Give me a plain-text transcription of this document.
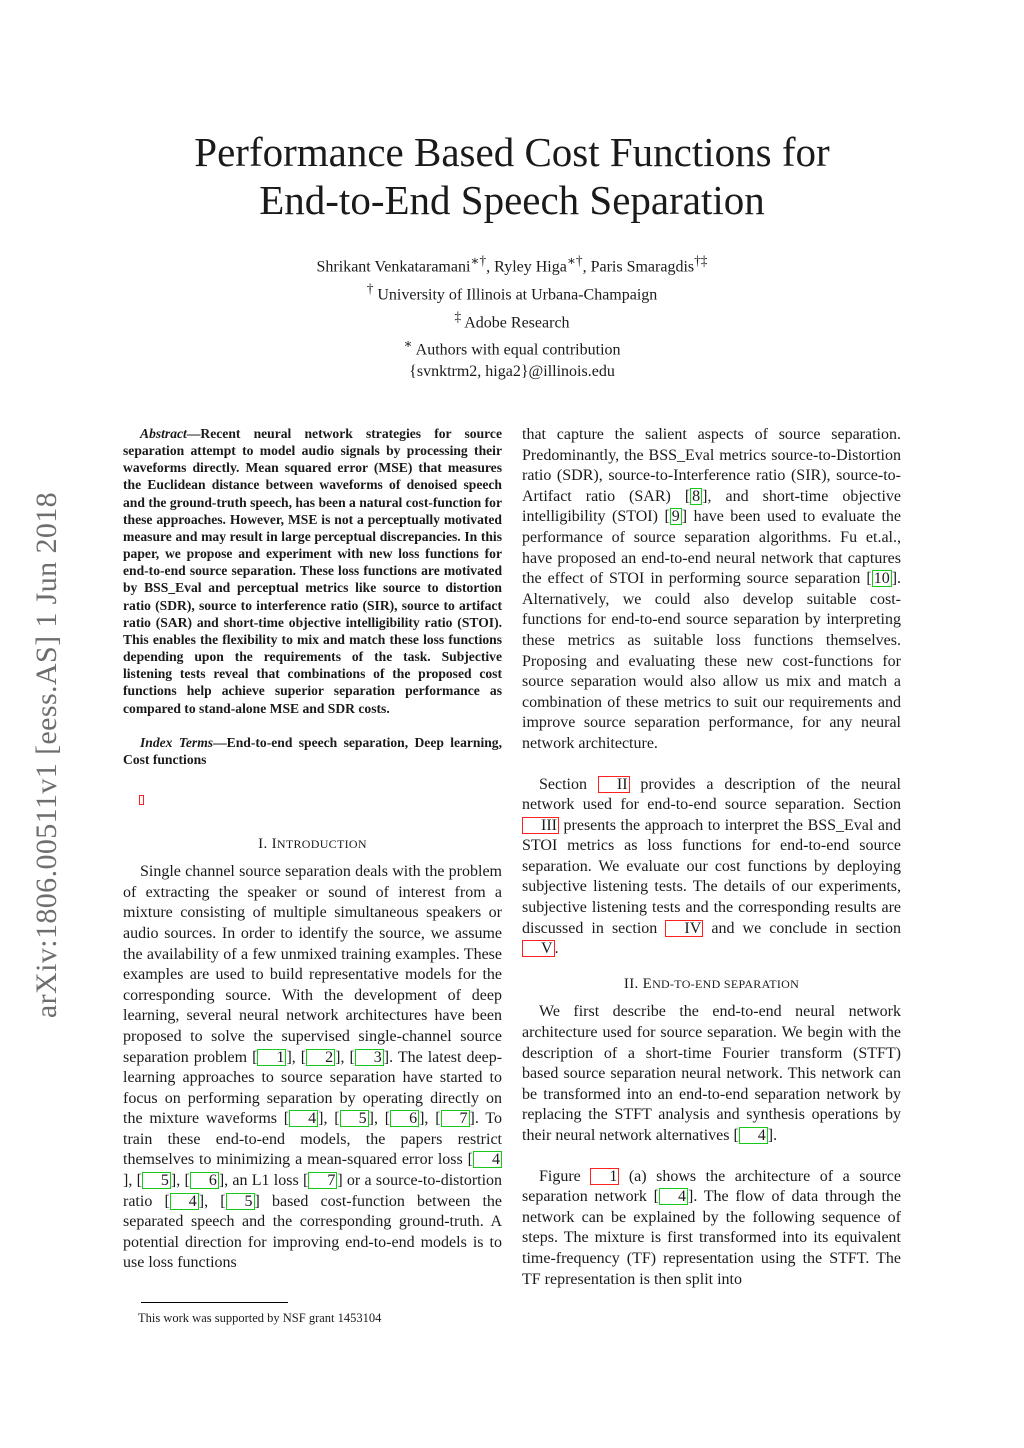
arXiv:1806.00511v1 [eess.AS] 1 Jun 2018
Performance Based Cost Functions for
End-to-End Speech Separation
Shrikant Venkataramani∗†, Ryley Higa∗†, Paris Smaragdis†‡
† University of Illinois at Urbana-Champaign
‡ Adobe Research
∗ Authors with equal contribution
{svnktrm2, higa2}@illinois.edu

Abstract—Recent neural network strategies for source separation attempt to model audio signals by processing their waveforms directly. Mean squared error (MSE) that measures the Euclidean distance between waveforms of denoised speech and the ground-truth speech, has been a natural cost-function for these approaches. However, MSE is not a perceptually motivated measure and may result in large perceptual discrepancies. In this paper, we propose and experiment with new loss functions for end-to-end source separation. These loss functions are motivated by BSS_Eval and perceptual metrics like source to distortion ratio (SDR), source to interference ratio (SIR), source to artifact ratio (SAR) and short-time objective intelligibility ratio (STOI). This enables the flexibility to mix and match these loss functions depending upon the requirements of the task. Subjective listening tests reveal that combinations of the proposed cost functions help achieve superior separation performance as compared to stand-alone MSE and SDR costs.

Index Terms—End-to-end speech separation, Deep learning, Cost functions

I. INTRODUCTION

Single channel source separation deals with the problem of extracting the speaker or sound of interest from a mixture consisting of multiple simultaneous speakers or audio sources. In order to identify the source, we assume the availability of a few unmixed training examples. These examples are used to build representative models for the corresponding source. With the development of deep learning, several neural network architectures have been proposed to solve the supervised single-channel source separation problem [ 1 ], [ 2 ], [ 3 ]. The latest deep-learning approaches to source separation have started to focus on performing separation by operating directly on the mixture waveforms [ 4 ], [ 5 ], [ 6 ], [ 7 ]. To train these end-to-end models, the papers restrict themselves to minimizing a mean-squared error loss [ 4], [ 5 ], [ 6 ], an L1 loss [ 7 ] or a source-to-distortion ratio [ 4 ], [ 5 ] based cost-function between the separated speech and the corresponding ground-truth. A potential direction for improving end-to-end models is to use loss functions

that capture the salient aspects of source separation. Predominantly, the BSS_Eval metrics source-to-Distortion ratio (SDR), source-to-Interference ratio (SIR), source-to-Artifact ratio (SAR) [ 8 ], and short-time objective intelligibility (STOI) [ 9 ] have been used to evaluate the performance of source separation algorithms. Fu et.al., have proposed an end-to-end neural network that captures the effect of STOI in performing source separation [ 10 ]. Alternatively, we could also develop suitable cost-functions for end-to-end source separation by interpreting these metrics as suitable loss functions themselves. Proposing and evaluating these new cost-functions for source separation would also allow us mix and match a combination of these metrics to suit our requirements and improve source separation performance, for any neural network architecture.

Section II provides a description of the neural network used for end-to-end source separation. Section III presents the approach to interpret the BSS_Eval and STOI metrics as loss functions for end-to-end source separation. We evaluate our cost functions by deploying subjective listening tests. The details of our experiments, subjective listening tests and the corresponding results are discussed in section IV and we conclude in section V .

II. END-TO-END SEPARATION

We first describe the end-to-end neural network architecture used for source separation. We begin with the description of a short-time Fourier transform (STFT) based source separation neural network. This network can be transformed into an end-to-end separation network by replacing the STFT analysis and synthesis operations by their neural network alternatives [ 4 ].

Figure 1 (a) shows the architecture of a source separation network [ 4 ]. The flow of data through the network can be explained by the following sequence of steps. The mixture is first transformed into its equivalent time-frequency (TF) representation using the STFT. The TF representation is then split into

This work was supported by NSF grant 1453104
